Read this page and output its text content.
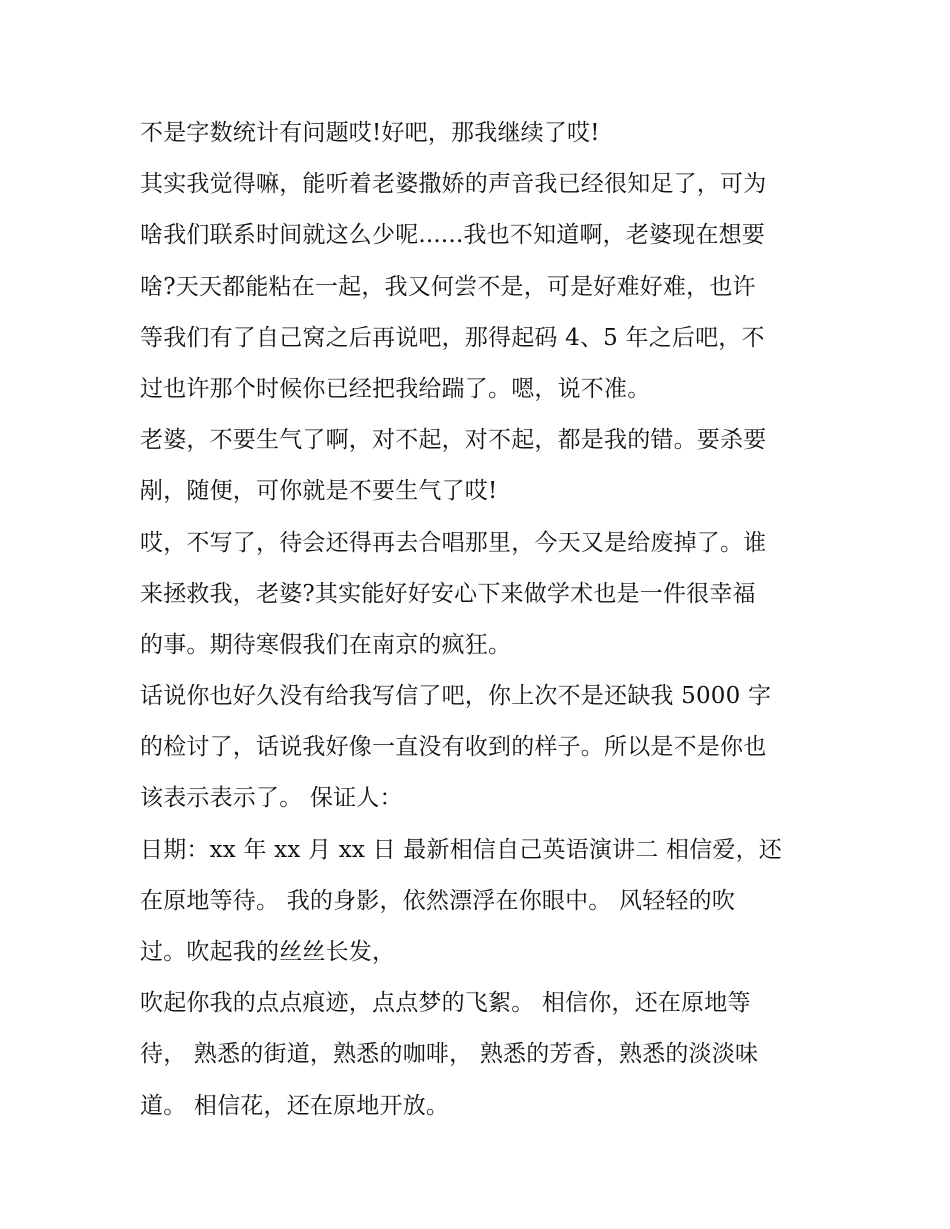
不是字数统计有问题哎!好吧，那我继续了哎!
其实我觉得嘛，能听着老婆撒娇的声音我已经很知足了，可为
啥我们联系时间就这么少呢......我也不知道啊，老婆现在想要
啥?天天都能粘在一起，我又何尝不是，可是好难好难，也许
等我们有了自己窝之后再说吧，那得起码 4、5 年之后吧，不
过也许那个时候你已经把我给踹了。嗯，说不准。
老婆，不要生气了啊，对不起，对不起，都是我的错。要杀要
剐，随便，可你就是不要生气了哎!
哎，不写了，待会还得再去合唱那里，今天又是给废掉了。谁
来拯救我，老婆?其实能好好安心下来做学术也是一件很幸福
的事。期待寒假我们在南京的疯狂。
话说你也好久没有给我写信了吧，你上次不是还缺我 5000 字
的检讨了，话说我好像一直没有收到的样子。所以是不是你也
该表示表示了。 保证人：
日期：xx 年 xx 月 xx 日 最新相信自己英语演讲二 相信爱，还
在原地等待。 我的身影，依然漂浮在你眼中。 风轻轻的吹
过。吹起我的丝丝长发，
吹起你我的点点痕迹，点点梦的飞絮。 相信你，还在原地等
待， 熟悉的街道，熟悉的咖啡， 熟悉的芳香，熟悉的淡淡味
道。 相信花，还在原地开放。
